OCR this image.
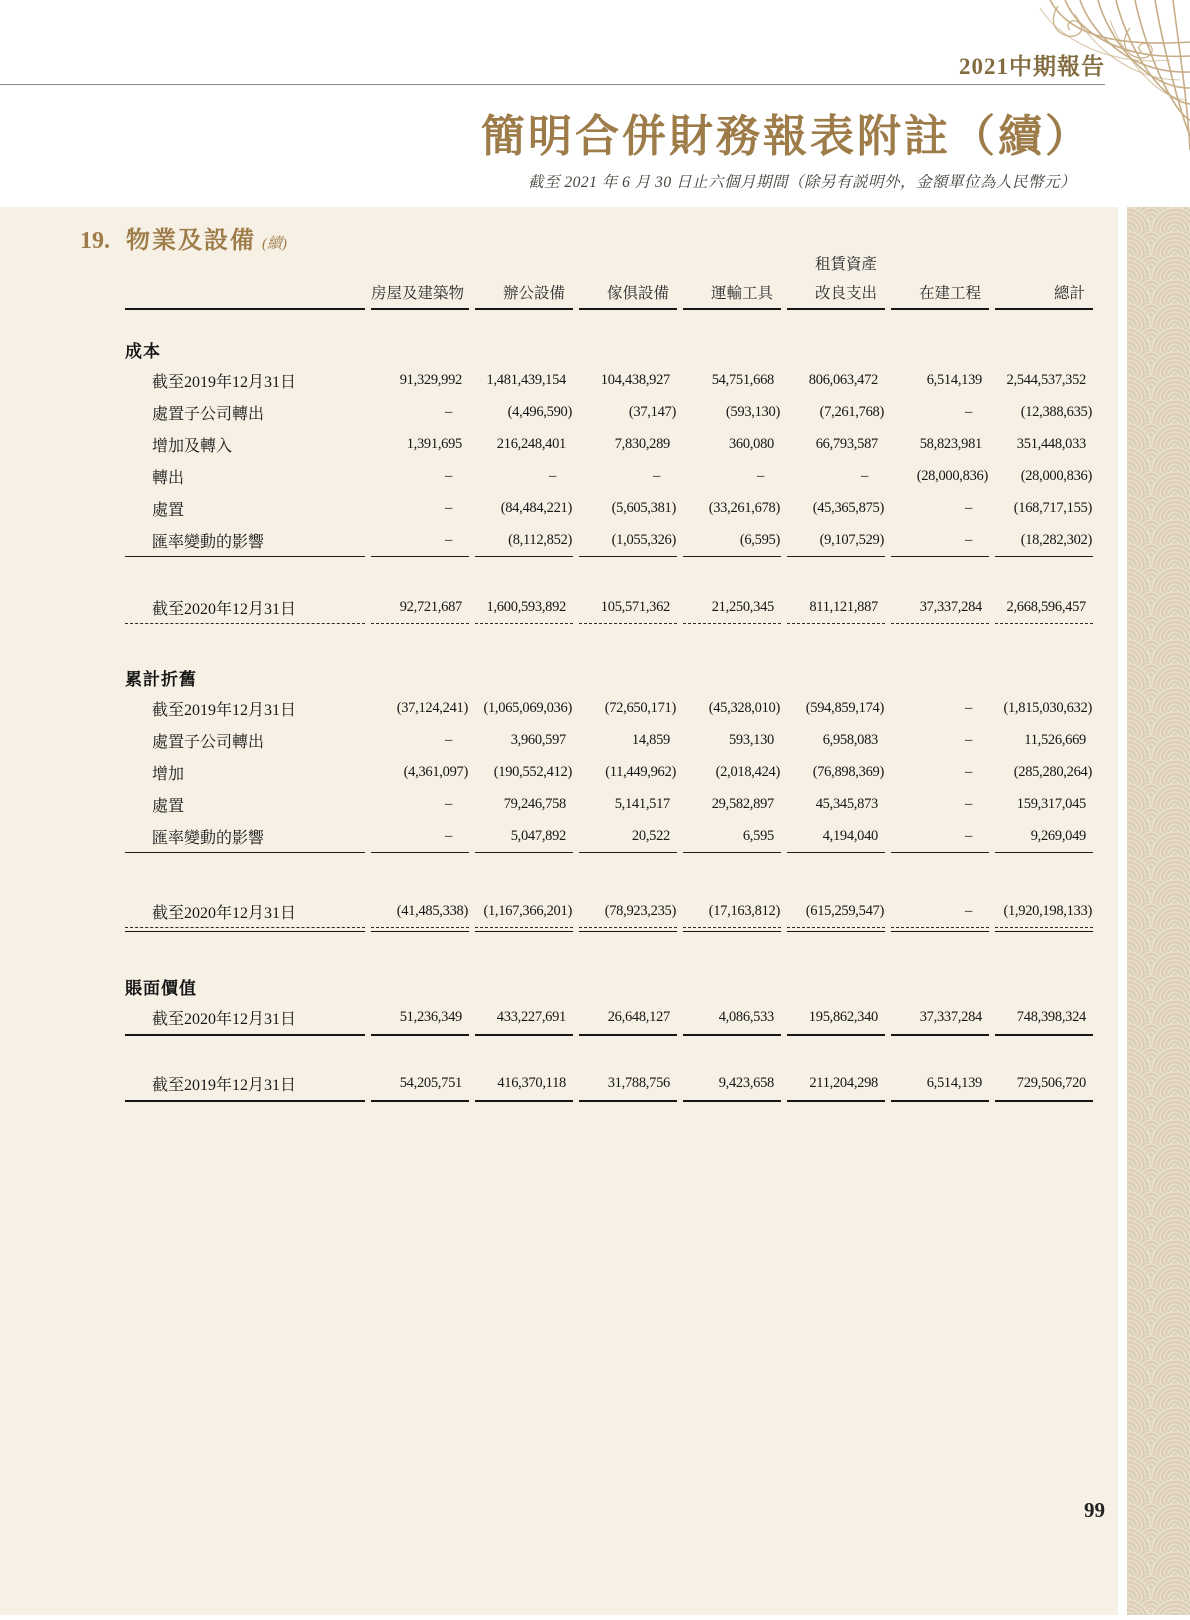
2021中期報告
簡明合併財務報表附註（續）
截至 2021 年 6 月 30 日止六個月期間（除另有説明外，金額單位為人民幣元）
19. 物業及設備 (續)
					租賃資產		
	房屋及建築物	辦公設備	傢俱設備	運輸工具	改良支出	在建工程	總計

成本							
截至2019年12月31日	91,329,992	1,481,439,154	104,438,927	54,751,668	806,063,472	6,514,139	2,544,537,352
處置子公司轉出	–	(4,496,590)	(37,147)	(593,130)	(7,261,768)	–	(12,388,635)
增加及轉入	1,391,695	216,248,401	7,830,289	360,080	66,793,587	58,823,981	351,448,033
轉出	–	–	–	–	–	(28,000,836)	(28,000,836)
處置	–	(84,484,221)	(5,605,381)	(33,261,678)	(45,365,875)	–	(168,717,155)
匯率變動的影響	–	(8,112,852)	(1,055,326)	(6,595)	(9,107,529)	–	(18,282,302)

截至2020年12月31日	92,721,687	1,600,593,892	105,571,362	21,250,345	811,121,887	37,337,284	2,668,596,457

累計折舊							
截至2019年12月31日	(37,124,241)	(1,065,069,036)	(72,650,171)	(45,328,010)	(594,859,174)	–	(1,815,030,632)
處置子公司轉出	–	3,960,597	14,859	593,130	6,958,083	–	11,526,669
增加	(4,361,097)	(190,552,412)	(11,449,962)	(2,018,424)	(76,898,369)	–	(285,280,264)
處置	–	79,246,758	5,141,517	29,582,897	45,345,873	–	159,317,045
匯率變動的影響	–	5,047,892	20,522	6,595	4,194,040	–	9,269,049

截至2020年12月31日	(41,485,338)	(1,167,366,201)	(78,923,235)	(17,163,812)	(615,259,547)	–	(1,920,198,133)

賬面價值							
截至2020年12月31日	51,236,349	433,227,691	26,648,127	4,086,533	195,862,340	37,337,284	748,398,324

截至2019年12月31日	54,205,751	416,370,118	31,788,756	9,423,658	211,204,298	6,514,139	729,506,720

99
